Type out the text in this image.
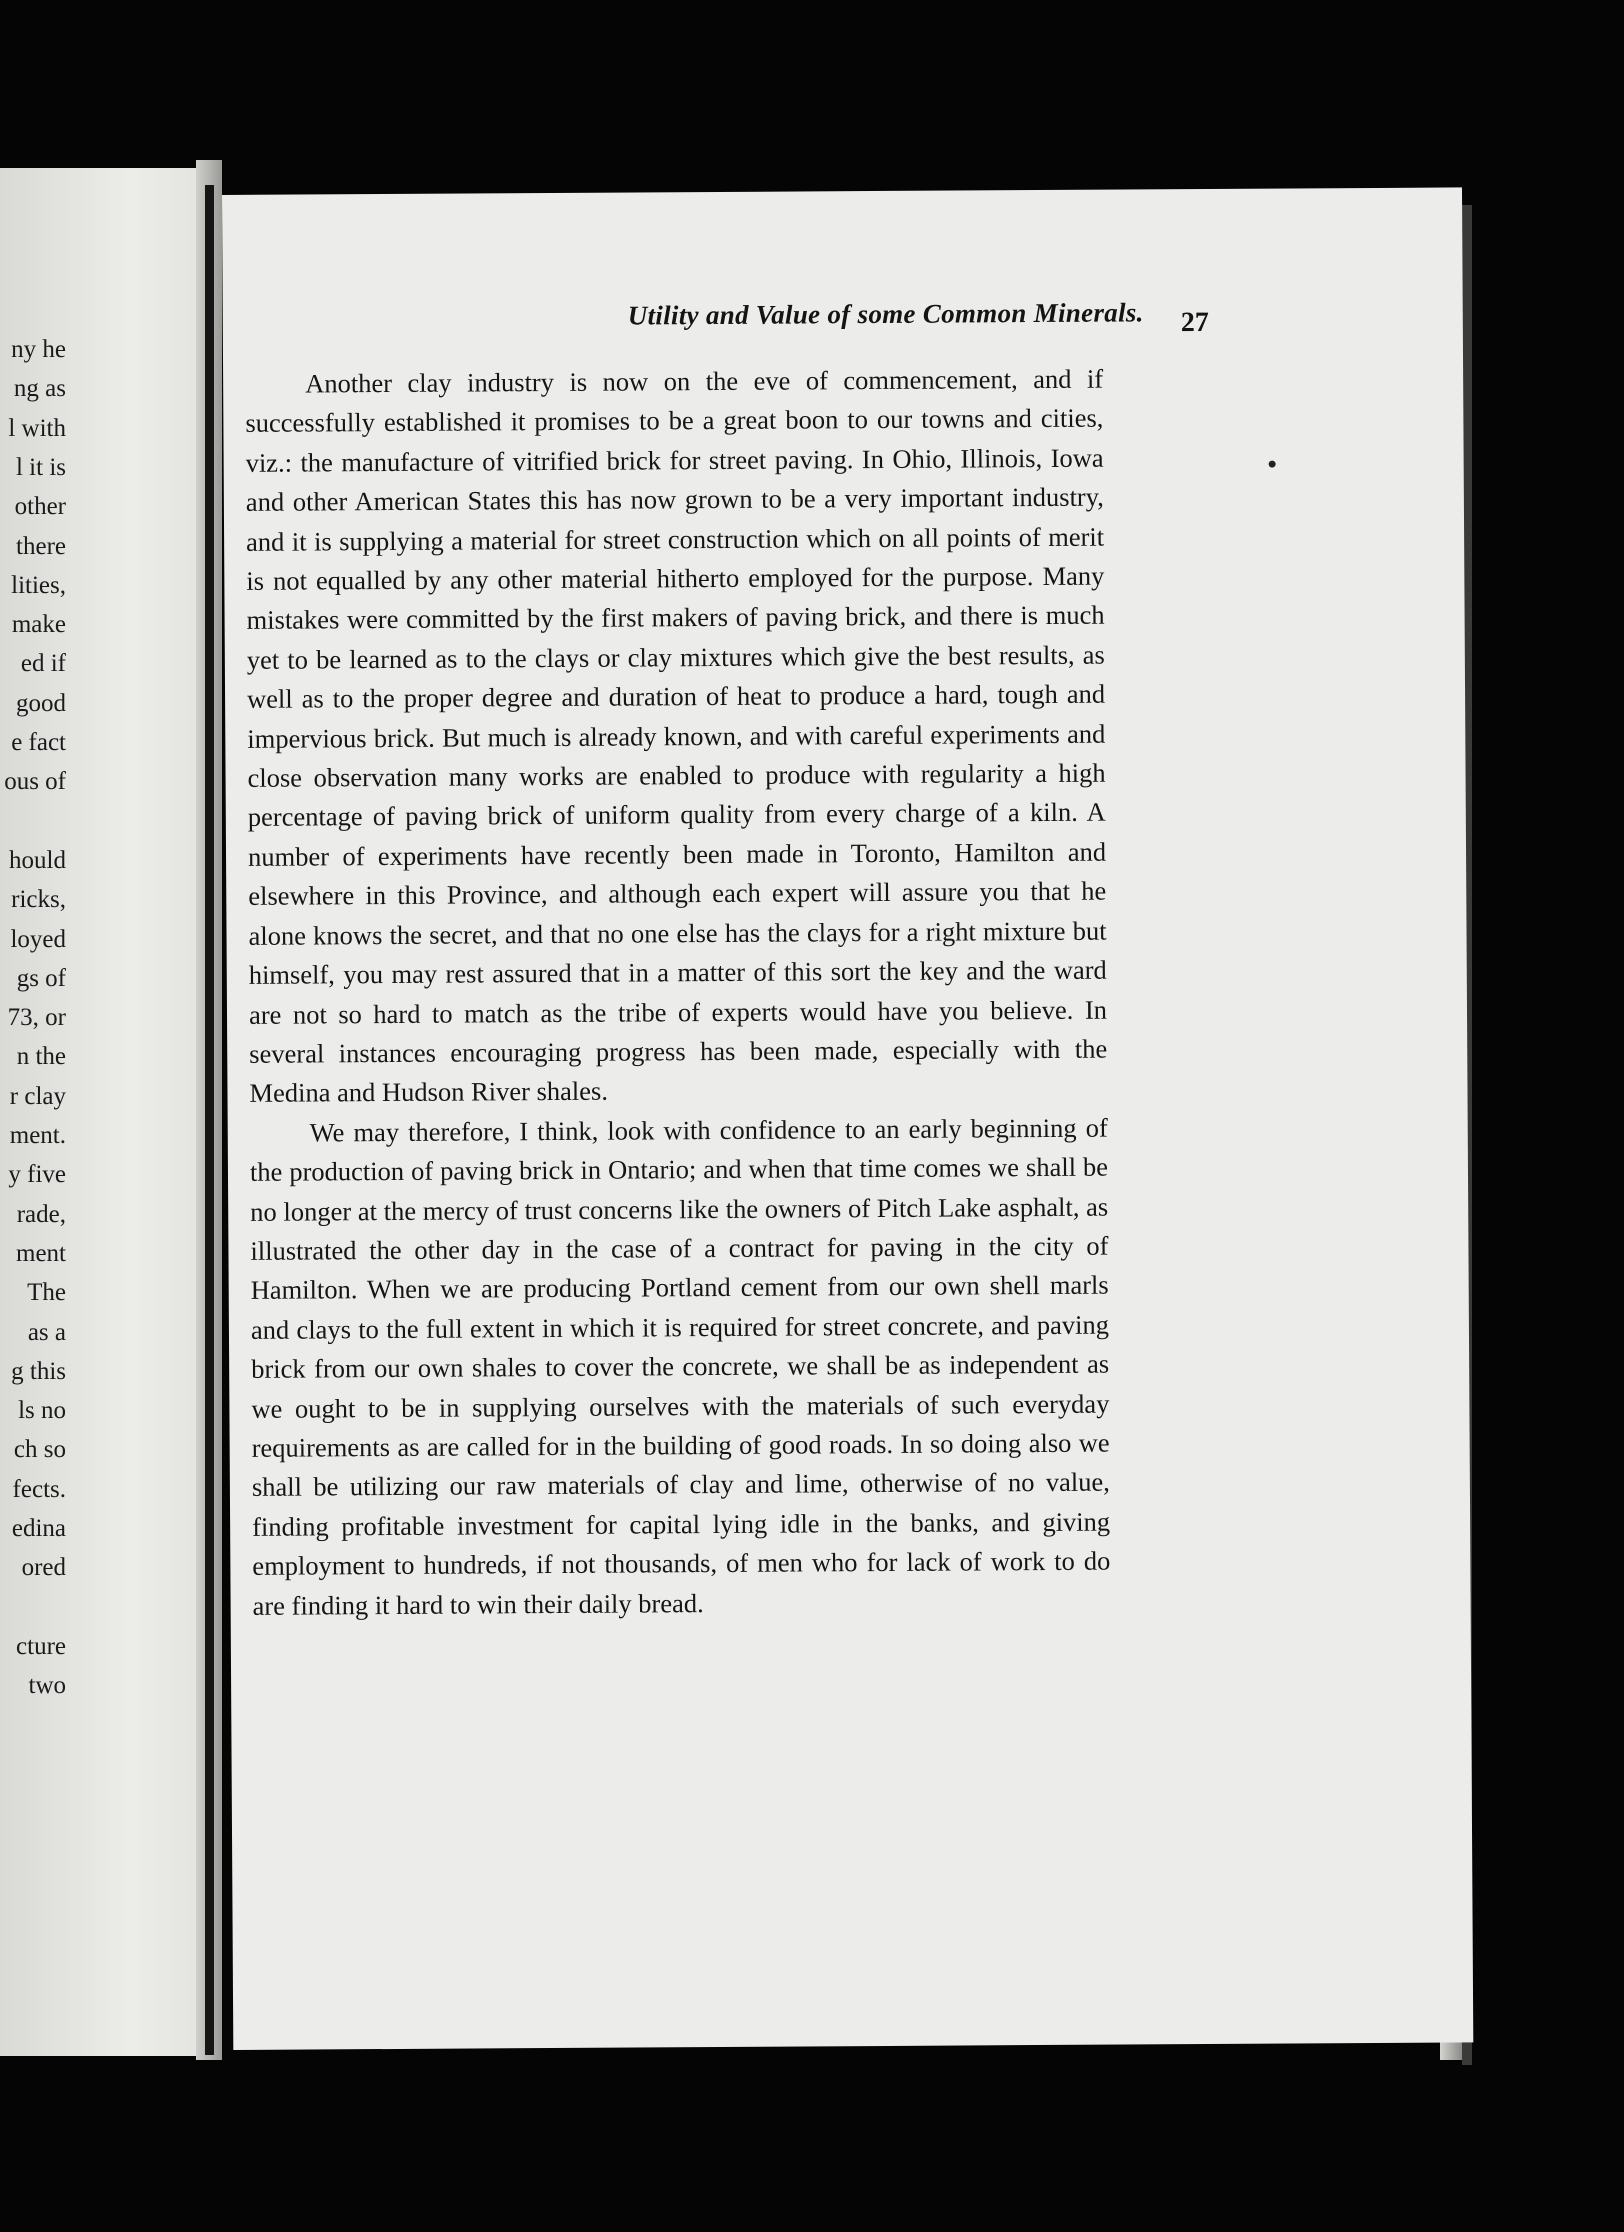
ny he
ng as
l with
l it is
other
there
lities,
make
ed if
good
e fact
ous of
hould
ricks,
loyed
gs of
73, or
n the
r clay
ment.
y five
rade,
ment
The
as a
g this
ls no
ch so
fects.
edina
ored
cture
two
Utility and Value of some Common Minerals.	27

Another clay industry is now on the eve of commencement, and if successfully established it promises to be a great boon to our towns and cities, viz.: the manufacture of vitrified brick for street paving. In Ohio, Illinois, Iowa and other American States this has now grown to be a very important industry, and it is supplying a material for street construction which on all points of merit is not equalled by any other material hitherto employed for the purpose. Many mistakes were committed by the first makers of paving brick, and there is much yet to be learned as to the clays or clay mixtures which give the best results, as well as to the proper degree and duration of heat to produce a hard, tough and impervious brick. But much is already known, and with careful experiments and close observation many works are enabled to produce with regularity a high percentage of paving brick of uniform quality from every charge of a kiln. A number of experiments have recently been made in Toronto, Hamilton and elsewhere in this Province, and although each expert will assure you that he alone knows the secret, and that no one else has the clays for a right mixture but himself, you may rest assured that in a matter of this sort the key and the ward are not so hard to match as the tribe of experts would have you believe. In several instances encouraging progress has been made, especially with the Medina and Hudson River shales.

We may therefore, I think, look with confidence to an early beginning of the production of paving brick in Ontario; and when that time comes we shall be no longer at the mercy of trust concerns like the owners of Pitch Lake asphalt, as illustrated the other day in the case of a contract for paving in the city of Hamilton. When we are producing Portland cement from our own shell marls and clays to the full extent in which it is required for street concrete, and paving brick from our own shales to cover the concrete, we shall be as independent as we ought to be in supplying ourselves with the materials of such everyday requirements as are called for in the building of good roads. In so doing also we shall be utilizing our raw materials of clay and lime, otherwise of no value, finding profitable investment for capital lying idle in the banks, and giving employment to hundreds, if not thousands, of men who for lack of work to do are finding it hard to win their daily bread.
